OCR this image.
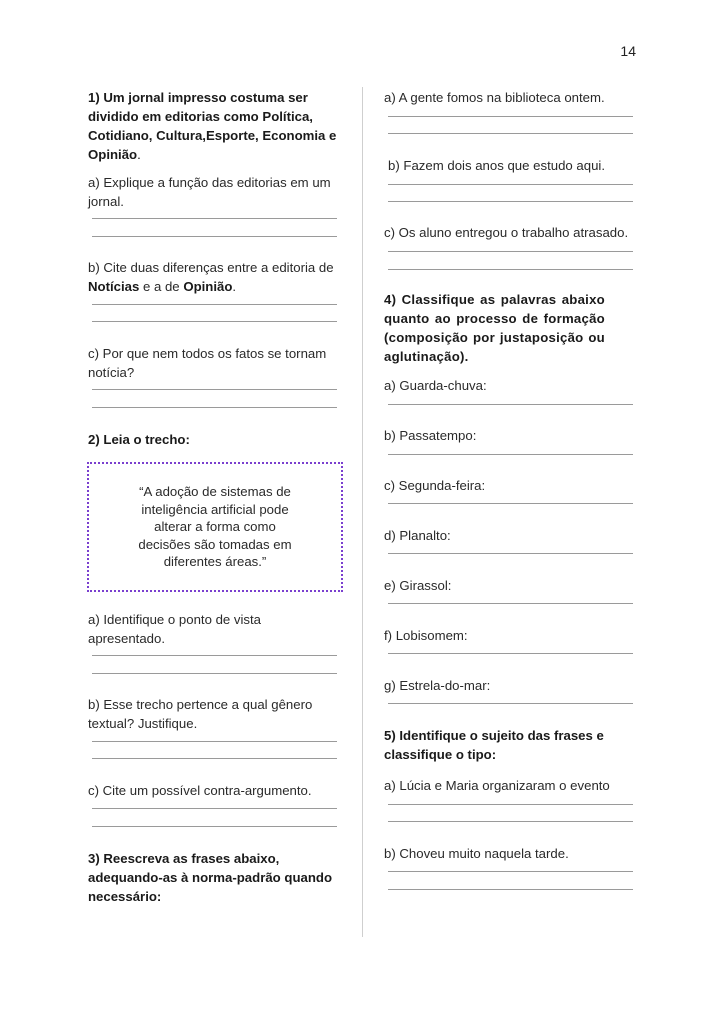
14
1) Um jornal impresso costuma ser dividido em editorias como Política, Cotidiano, Cultura,Esporte, Economia e Opinião.
a) Explique a função das editorias em um jornal.
b) Cite duas diferenças entre a editoria de Notícias e a de Opinião.
c) Por que nem todos os fatos se tornam notícia?
2) Leia o trecho:
“A adoção de sistemas de inteligência artificial pode alterar a forma como decisões são tomadas em diferentes áreas.”
a) Identifique o ponto de vista apresentado.
b) Esse trecho pertence a qual gênero textual? Justifique.
c) Cite um possível contra-argumento.
3) Reescreva as frases abaixo, adequando-as à norma-padrão quando necessário:
a) A gente fomos na biblioteca ontem.
b) Fazem dois anos que estudo aqui.
c) Os aluno entregou o trabalho atrasado.
4) Classifique as palavras abaixo quanto ao processo de formação (composição por justaposição ou aglutinação).
a) Guarda-chuva:
b) Passatempo:
c) Segunda-feira:
d) Planalto:
e) Girassol:
f) Lobisomem:
g) Estrela-do-mar:
5) Identifique o sujeito das frases e classifique o tipo:
a) Lúcia e Maria organizaram o evento
b) Choveu muito naquela tarde.
